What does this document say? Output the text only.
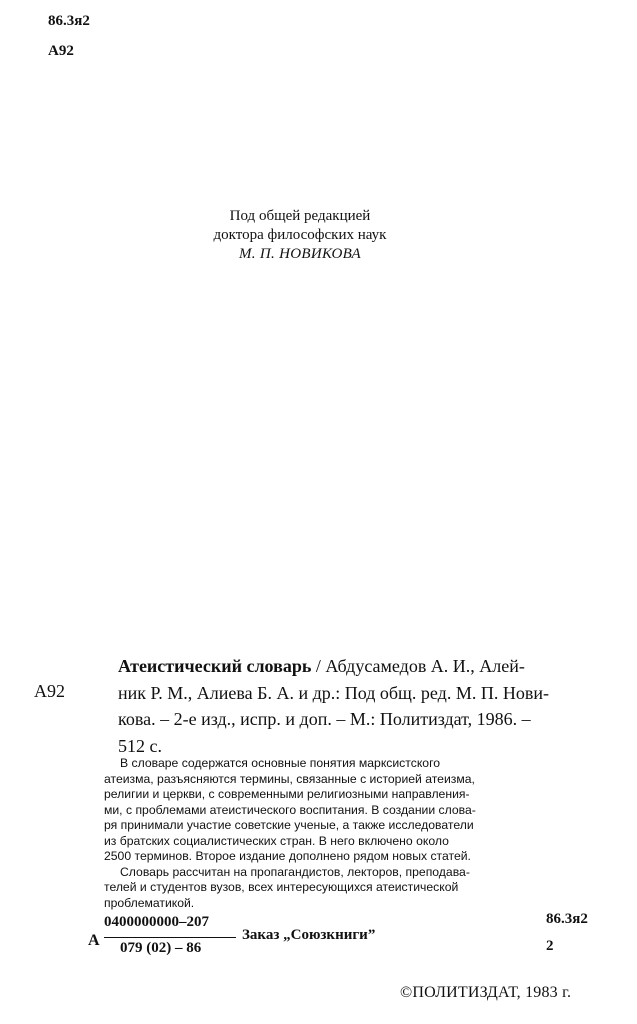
86.3я2
А92
Под общей редакцией
доктора философских наук
М. П. НОВИКОВА
А92
Атеистический словарь / Абдусамедов А. И., Алей-
ник Р. М., Алиева Б. А. и др.: Под общ. ред. М. П. Нови-
кова. – 2-е изд., испр. и доп. – М.: Политиздат, 1986. –
512 с.
В словаре содержатся основные понятия марксистского
атеизма, разъясняются термины, связанные с историей атеизма,
религии и церкви, с современными религиозными направления-
ми, с проблемами атеистического воспитания. В создании слова-
ря принимали участие советские ученые, а также исследователи
из братских социалистических стран. В него включено около
2500 терминов. Второе издание дополнено рядом новых статей.
Словарь рассчитан на пропагандистов, лекторов, преподава-
телей и студентов вузов, всех интересующихся атеистической
проблематикой.
А
0400000000–207
079 (02) – 86
Заказ „Союзкниги”
86.3я2
2
©ПОЛИТИЗДАТ, 1983 г.
